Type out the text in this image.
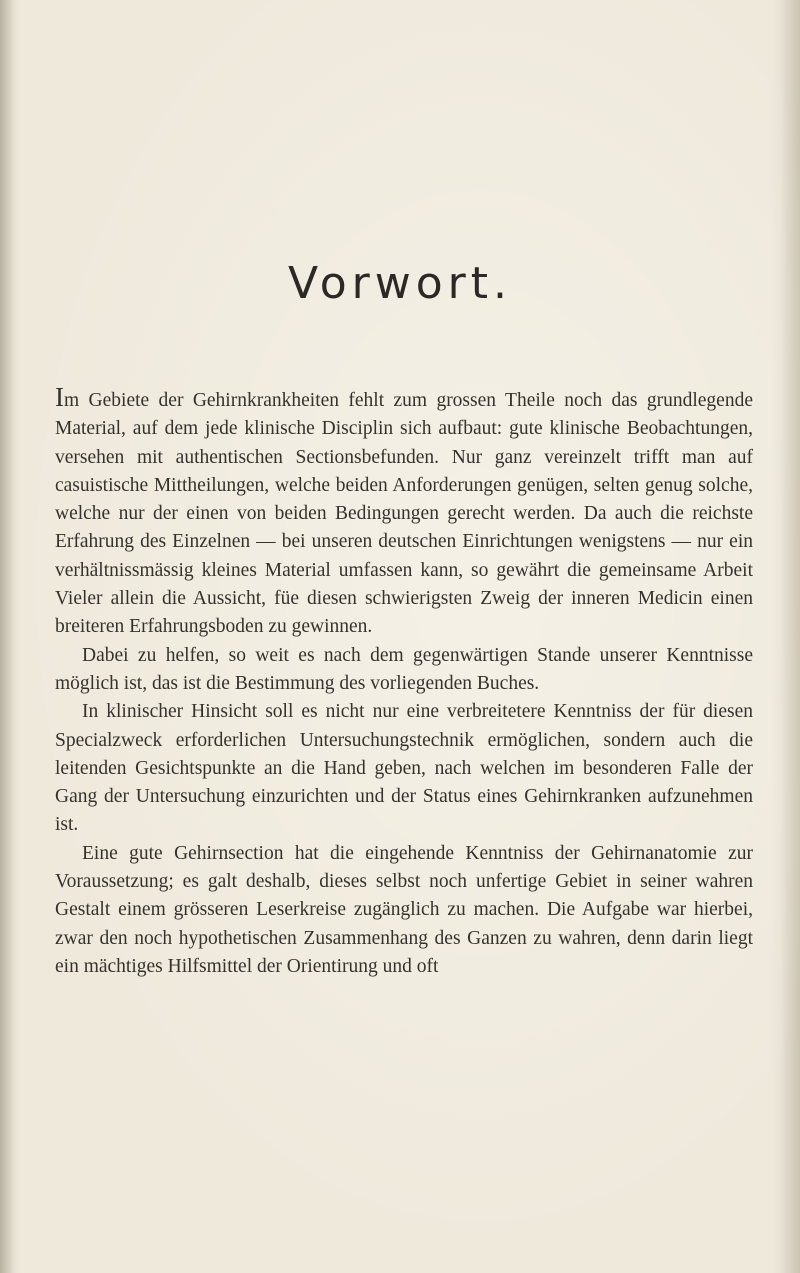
Vorwort.

Im Gebiete der Gehirnkrankheiten fehlt zum grossen Theile noch das grundlegende Material, auf dem jede klinische Disciplin sich aufbaut: gute klinische Beobachtungen, versehen mit authentischen Sectionsbefunden. Nur ganz vereinzelt trifft man auf casuistische Mittheilungen, welche beiden Anforderungen genügen, selten genug solche, welche nur der einen von beiden Bedingungen gerecht werden. Da auch die reichste Erfahrung des Einzelnen — bei unseren deutschen Einrichtungen wenigstens — nur ein verhältnissmässig kleines Material umfassen kann, so gewährt die gemeinsame Arbeit Vieler allein die Aussicht, füe diesen schwierigsten Zweig der inneren Medicin einen breiteren Erfahrungsboden zu gewinnen.

Dabei zu helfen, so weit es nach dem gegenwärtigen Stande unserer Kenntnisse möglich ist, das ist die Bestimmung des vorliegenden Buches.

In klinischer Hinsicht soll es nicht nur eine verbreitetere Kenntniss der für diesen Specialzweck erforderlichen Untersuchungstechnik ermöglichen, sondern auch die leitenden Gesichtspunkte an die Hand geben, nach welchen im besonderen Falle der Gang der Untersuchung einzurichten und der Status eines Gehirnkranken aufzunehmen ist.

Eine gute Gehirnsection hat die eingehende Kenntniss der Gehirnanatomie zur Voraussetzung; es galt deshalb, dieses selbst noch unfertige Gebiet in seiner wahren Gestalt einem grösseren Leserkreise zugänglich zu machen. Die Aufgabe war hierbei, zwar den noch hypothetischen Zusammenhang des Ganzen zu wahren, denn darin liegt ein mächtiges Hilfsmittel der Orientirung und oft
